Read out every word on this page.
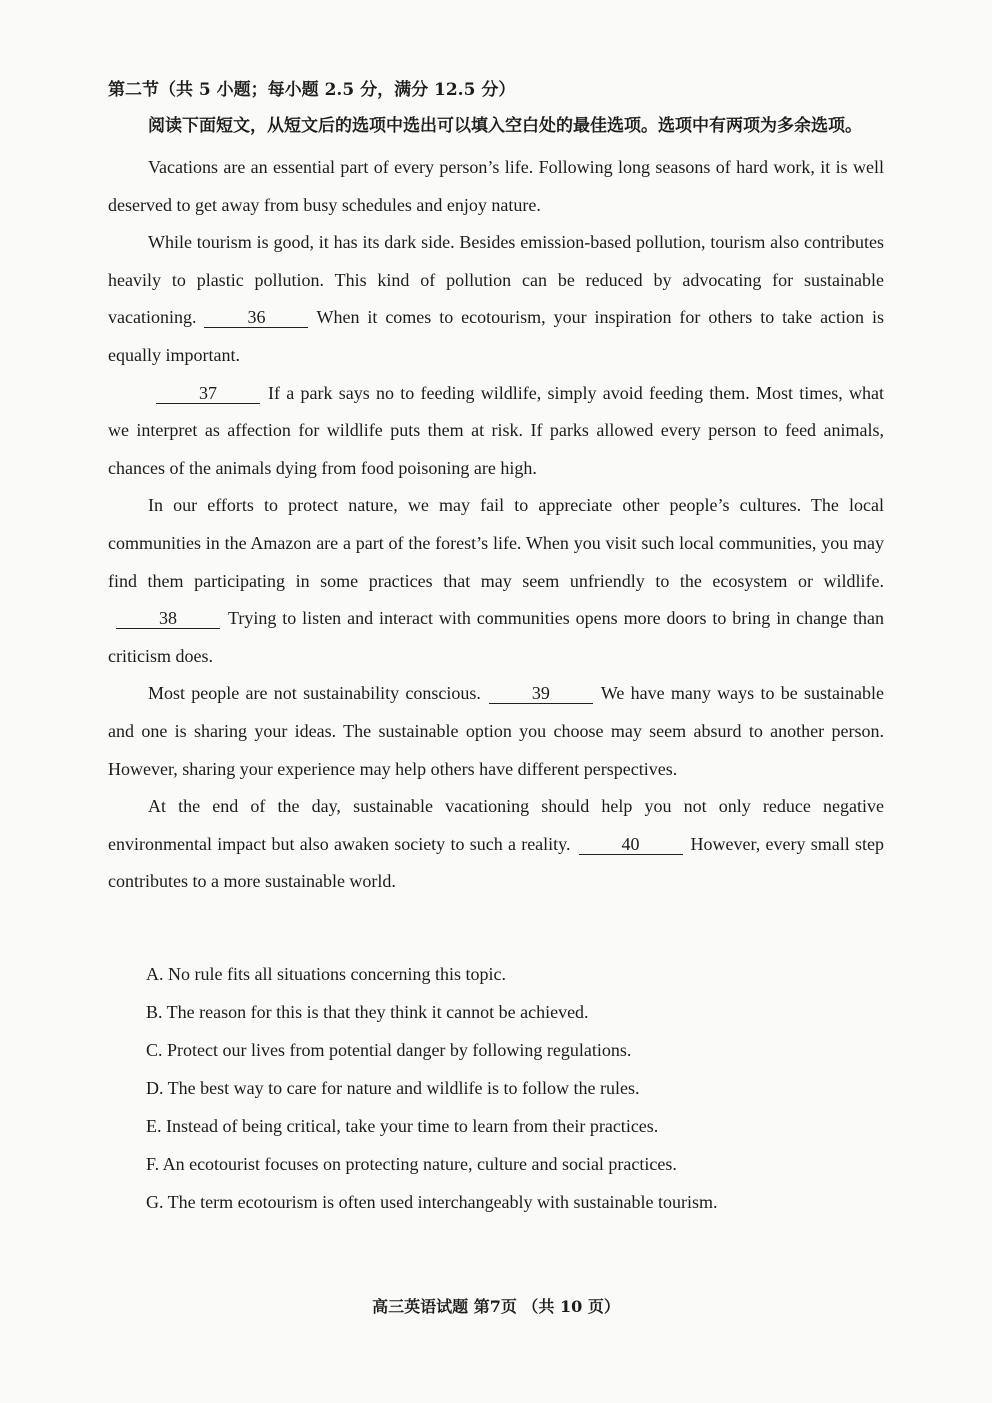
第二节（共 5 小题；每小题 2.5 分，满分 12.5 分）

阅读下面短文，从短文后的选项中选出可以填入空白处的最佳选项。选项中有两项为多余选项。

Vacations are an essential part of every person’s life. Following long seasons of hard work, it is well deserved to get away from busy schedules and enjoy nature.

While tourism is good, it has its dark side. Besides emission-based pollution, tourism also contributes heavily to plastic pollution. This kind of pollution can be reduced by advocating for sustainable vacationing.	36	When it comes to ecotourism, your inspiration for others to take action is equally important.

37	If a park says no to feeding wildlife, simply avoid feeding them. Most times, what we interpret as affection for wildlife puts them at risk. If parks allowed every person to feed animals, chances of the animals dying from food poisoning are high.

In our efforts to protect nature, we may fail to appreciate other people’s cultures. The local communities in the Amazon are a part of the forest’s life. When you visit such local communities, you may find them participating in some practices that may seem unfriendly to the ecosystem or wildlife.38	Trying to listen and interact with communities opens more doors to bring in change than criticism does.

Most people are not sustainability conscious.	39	We have many ways to be sustainable and one is sharing your ideas. The sustainable option you choose may seem absurd to another person. However, sharing your experience may help others have different perspectives.

At the end of the day, sustainable vacationing should help you not only reduce negative environmental impact but also awaken society to such a reality.	40	However, every small step contributes to a more sustainable world.

A. No rule fits all situations concerning this topic.

B. The reason for this is that they think it cannot be achieved.

C. Protect our lives from potential danger by following regulations.

D. The best way to care for nature and wildlife is to follow the rules.

E. Instead of being critical, take your time to learn from their practices.

F. An ecotourist focuses on protecting nature, culture and social practices.

G. The term ecotourism is often used interchangeably with sustainable tourism.

高三英语试题 第7页 （共 10 页）
